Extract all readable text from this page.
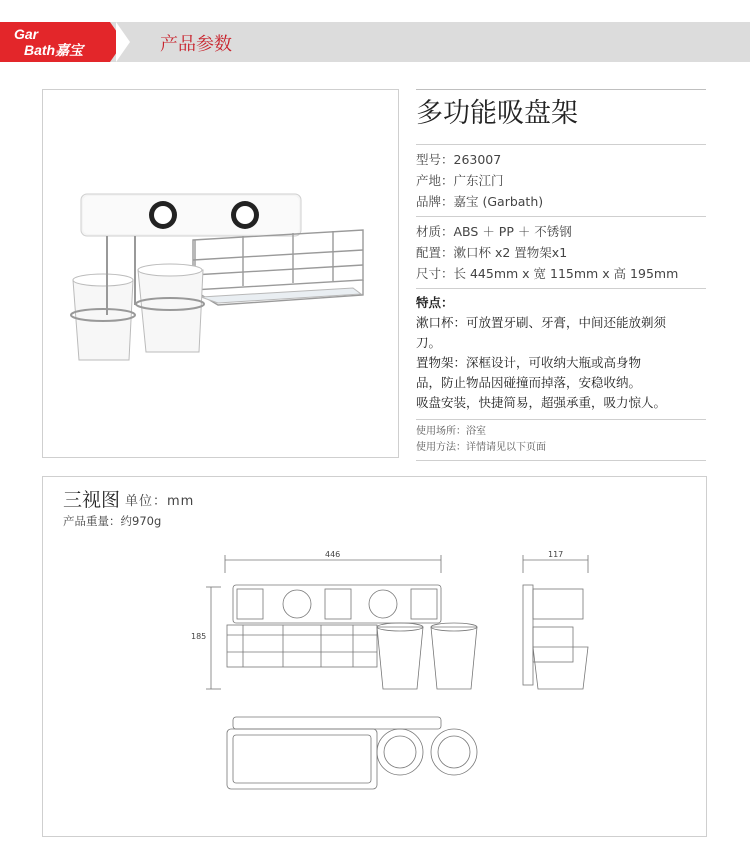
Gar
Bath嘉宝	产品参数
多功能吸盘架
型号：263007
产地：广东江门
品牌：嘉宝 (Garbath)
材质：ABS ＋ PP ＋ 不锈钢
配置：漱口杯 x2 置物架x1
尺寸：长 445mm x 宽 115mm x 高 195mm
特点：
漱口杯：可放置牙刷、牙膏，中间还能放剃须
刀。
置物架：深框设计，可收纳大瓶或高身物
品，防止物品因碰撞而掉落，安稳收纳。
吸盘安装，快捷简易，超强承重，吸力惊人。
使用场所：浴室
使用方法：详情请见以下页面
三视图 单位：mm
产品重量：约970g
446	117
185
